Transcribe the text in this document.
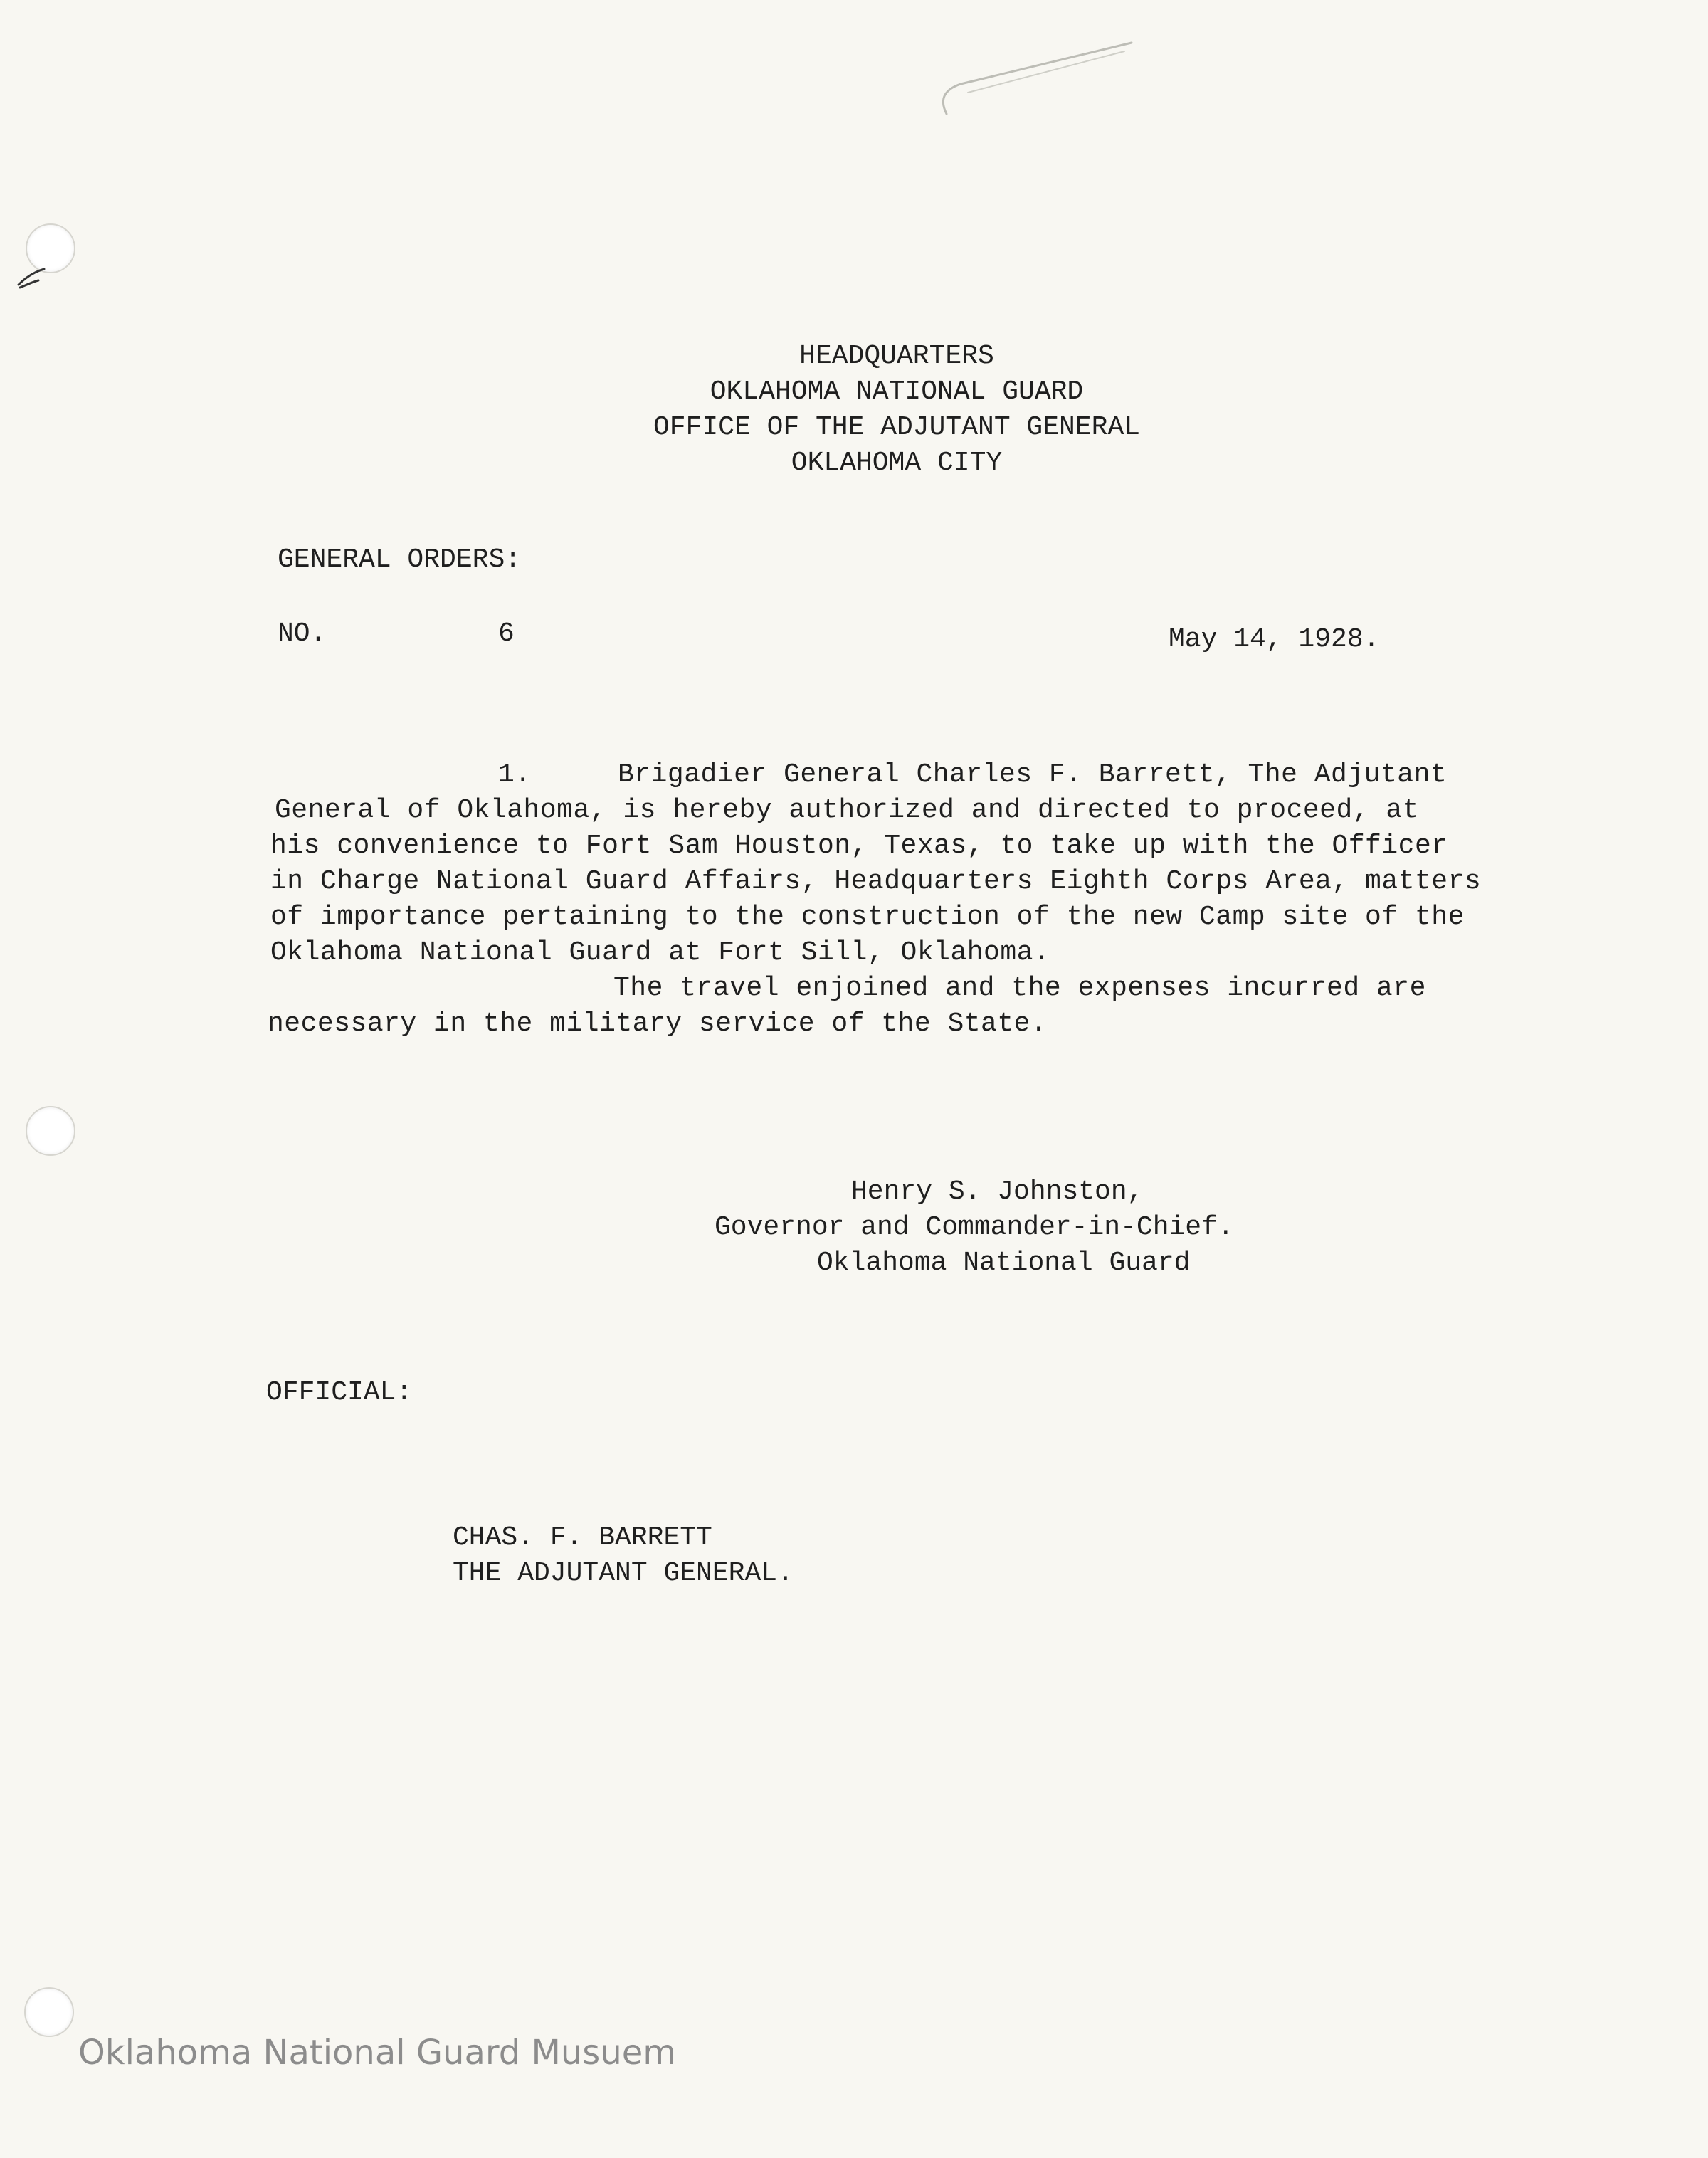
HEADQUARTERS
OKLAHOMA NATIONAL GUARD
OFFICE OF THE ADJUTANT GENERAL
OKLAHOMA CITY
GENERAL ORDERS:
NO.	6	May 14, 1928.
1.	Brigadier General Charles F. Barrett, The Adjutant
General of Oklahoma, is hereby authorized and directed to proceed, at
his convenience to Fort Sam Houston, Texas, to take up with the Officer
in Charge National Guard Affairs, Headquarters Eighth Corps Area, matters
of importance pertaining to the construction of the new Camp site of the
Oklahoma National Guard at Fort Sill, Oklahoma.
The travel enjoined and the expenses incurred are
necessary in the military service of the State.
Henry S. Johnston,
Governor and Commander-in-Chief.
Oklahoma National Guard
OFFICIAL:
CHAS. F. BARRETT
THE ADJUTANT GENERAL.
Oklahoma National Guard Musuem
